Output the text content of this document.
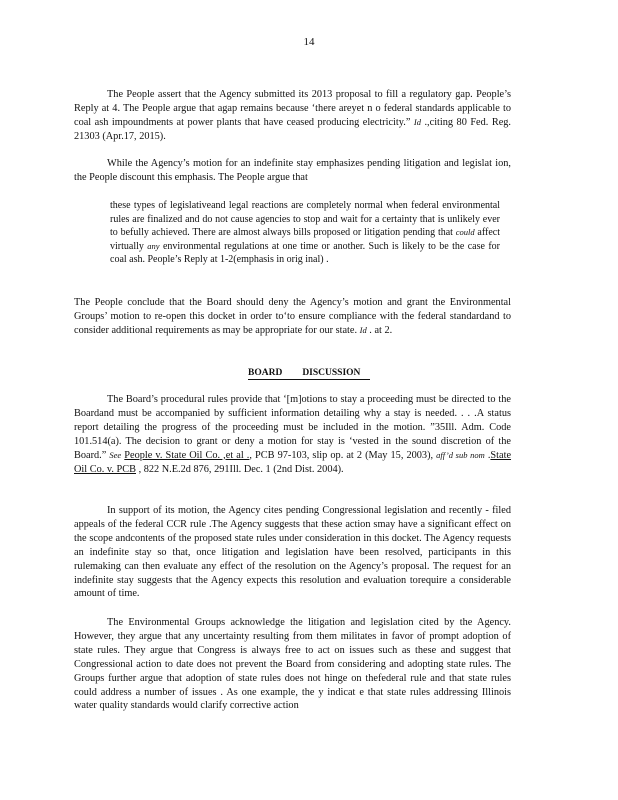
14

The People assert that the Agency submitted its 2013 proposal to fill a regulatory gap. People’s Reply at 4. The People argue that agap remains because ‘there areyet n o federal standards applicable to coal ash impoundments at power plants that have ceased producing electricity.” Id .,citing 80 Fed. Reg. 21303 (Apr.17, 2015).

While the Agency’s motion for an indefinite stay emphasizes pending litigation and legislat ion, the People discount this emphasis. The People argue that

these types of legislativeand legal reactions are completely normal when federal environmental rules are finalized and do not cause agencies to stop and wait for a certainty that is unlikely ever to befully achieved. There are almost always bills proposed or litigation pending that could affect virtually any environmental regulations at one time or another. Such is likely to be the case for coal ash. People’s Reply at 1-2(emphasis in orig inal) .

The People conclude that the Board should deny the Agency’s motion and grant the Environmental Groups’ motion to re-open this docket in order to‘to ensure compliance with the federal standardand to consider additional requirements as may be appropriate for our state. Id . at 2.

BOARD DISCUSSION

The Board’s procedural rules provide that ‘[m]otions to stay a proceeding must be directed to the Boardand must be accompanied by sufficient information detailing why a stay is needed. . . .A status report detailing the progress of the proceeding must be included in the motion. ”35Ill. Adm. Code 101.514(a). The decision to grant or deny a motion for stay is ‘vested in the sound discretion of the Board.” See People v. State Oil Co. ,et al ., PCB 97-103, slip op. at 2 (May 15, 2003), aff’d sub nom .State Oil Co. v. PCB , 822 N.E.2d 876, 291Ill. Dec. 1 (2nd Dist. 2004).

In support of its motion, the Agency cites pending Congressional legislation and recently - filed appeals of the federal CCR rule .The Agency suggests that these action smay have a significant effect on the scope andcontents of the proposed state rules under consideration in this docket. The Agency requests an indefinite stay so that, once litigation and legislation have been resolved, participants in this rulemaking can then evaluate any effect of the resolution on the Agency’s proposal. The request for an indefinite stay suggests that the Agency expects this resolution and evaluation torequire a considerable amount of time.

The Environmental Groups acknowledge the litigation and legislation cited by the Agency. However, they argue that any uncertainty resulting from them militates in favor of prompt adoption of state rules. They argue that Congress is always free to act on issues such as these and suggest that Congressional action to date does not prevent the Board from considering and adopting state rules. The Groups further argue that adoption of state rules does not hinge on thefederal rule and that state rules could address a number of issues . As one example, the y indicat e that state rules addressing Illinois water quality standards would clarify corrective action
